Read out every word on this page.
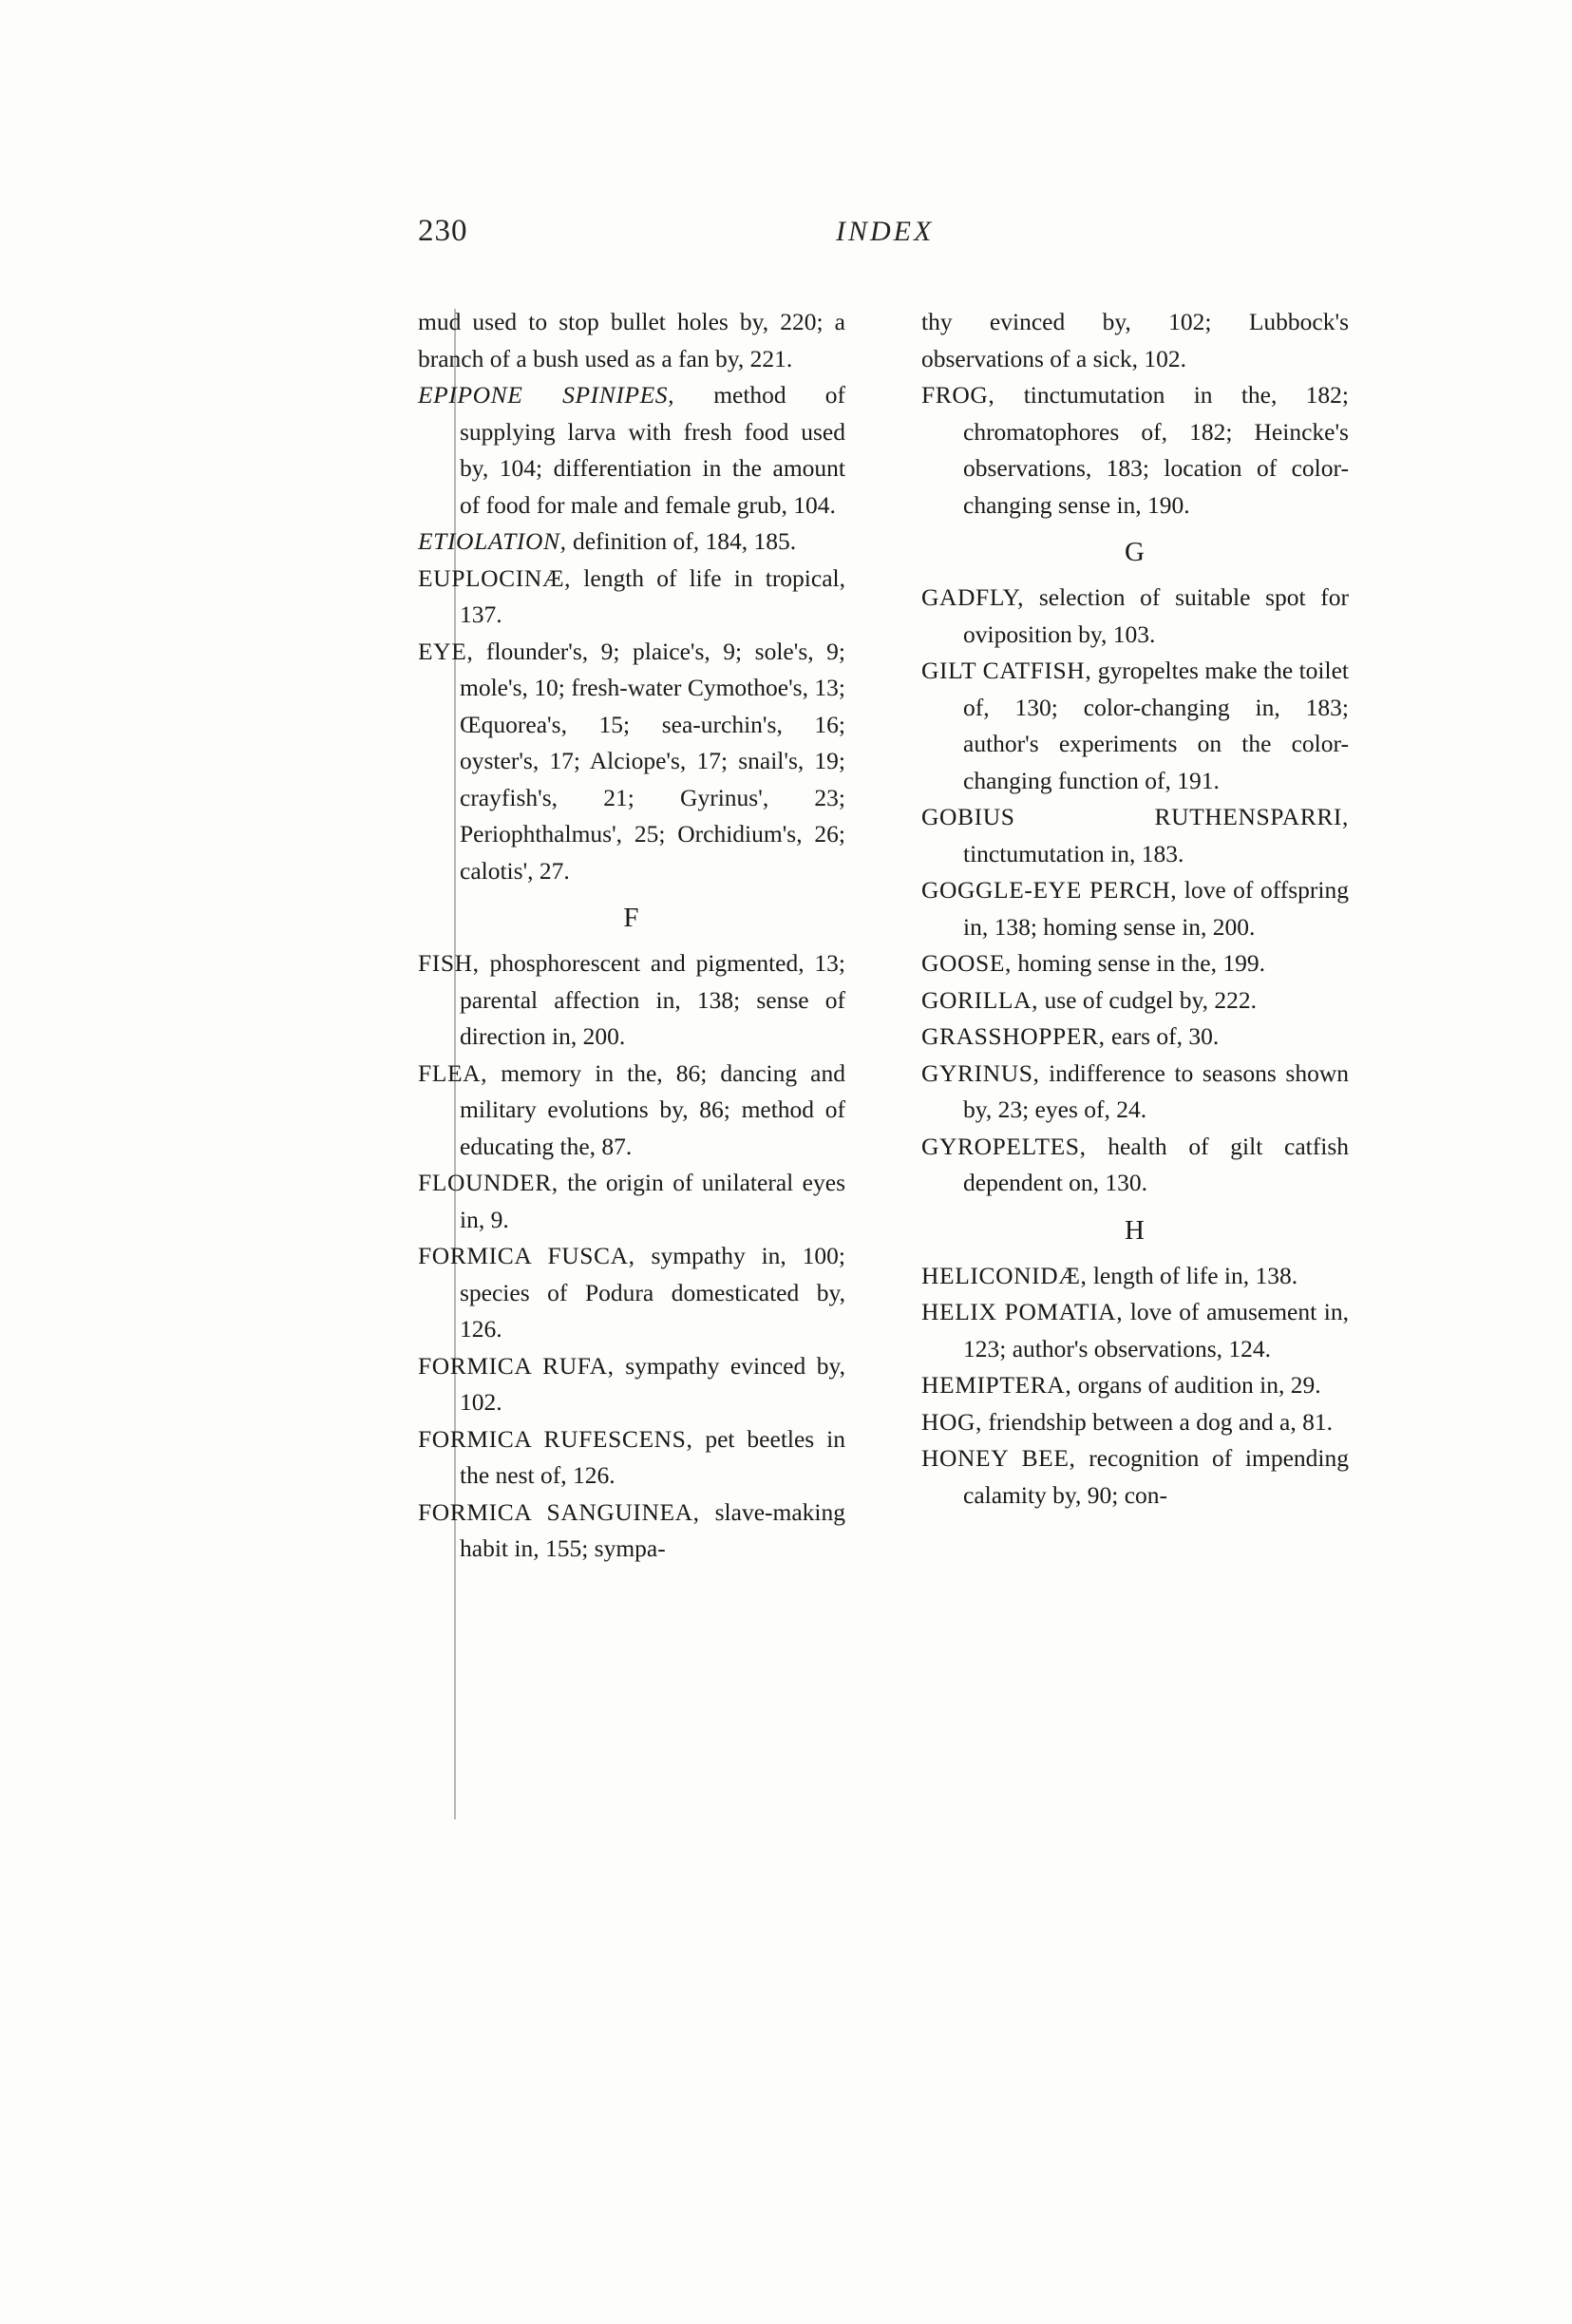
230	INDEX

mud used to stop bullet holes by, 220; a branch of a bush used as a fan by, 221.

EPIPONE SPINIPES, method of supplying larva with fresh food used by, 104; differentiation in the amount of food for male and female grub, 104.

ETIOLATION, definition of, 184, 185.

EUPLOCINÆ, length of life in tropical, 137.

EYE, flounder's, 9; plaice's, 9; sole's, 9; mole's, 10; fresh-water Cymothoe's, 13; Œquorea's, 15; sea-urchin's, 16; oyster's, 17; Alciope's, 17; snail's, 19; crayfish's, 21; Gyrinus', 23; Periophthalmus', 25; Orchidium's, 26; calotis', 27.

F

FISH, phosphorescent and pigmented, 13; parental affection in, 138; sense of direction in, 200.

FLEA, memory in the, 86; dancing and military evolutions by, 86; method of educating the, 87.

FLOUNDER, the origin of unilateral eyes in, 9.

FORMICA FUSCA, sympathy in, 100; species of Podura domesticated by, 126.

FORMICA RUFA, sympathy evinced by, 102.

FORMICA RUFESCENS, pet beetles in the nest of, 126.

FORMICA SANGUINEA, slave-making habit in, 155; sympa-

thy evinced by, 102; Lubbock's observations of a sick, 102.

FROG, tinctumutation in the, 182; chromatophores of, 182; Heincke's observations, 183; location of color-changing sense in, 190.

G

GADFLY, selection of suitable spot for oviposition by, 103.

GILT CATFISH, gyropeltes make the toilet of, 130; color-changing in, 183; author's experiments on the color-changing function of, 191.

GOBIUS RUTHENSPARRI, tinctumutation in, 183.

GOGGLE-EYE PERCH, love of offspring in, 138; homing sense in, 200.

GOOSE, homing sense in the, 199.

GORILLA, use of cudgel by, 222.

GRASSHOPPER, ears of, 30.

GYRINUS, indifference to seasons shown by, 23; eyes of, 24.

GYROPELTES, health of gilt catfish dependent on, 130.

H

HELICONIDÆ, length of life in, 138.

HELIX POMATIA, love of amusement in, 123; author's observations, 124.

HEMIPTERA, organs of audition in, 29.

HOG, friendship between a dog and a, 81.

HONEY BEE, recognition of impending calamity by, 90; con-
